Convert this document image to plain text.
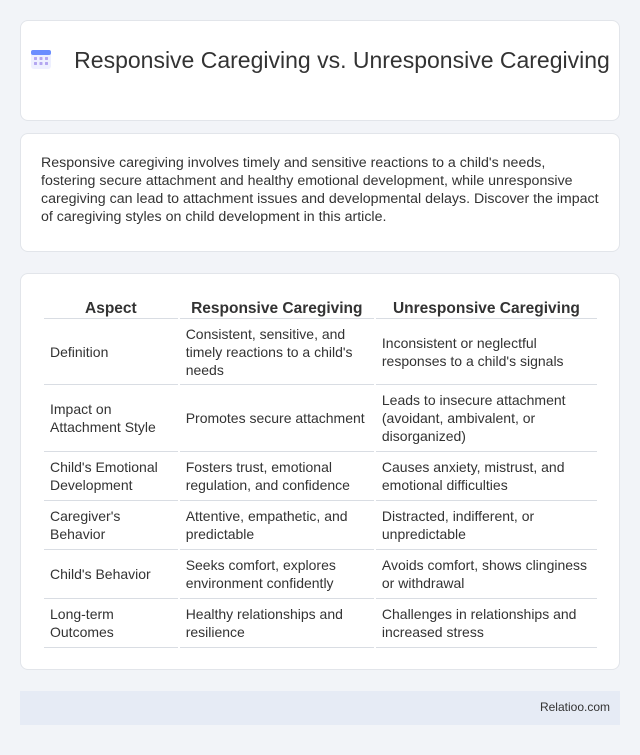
Responsive Caregiving vs. Unresponsive Caregiving

Responsive caregiving involves timely and sensitive reactions to a child's needs, fostering secure attachment and healthy emotional development, while unresponsive caregiving can lead to attachment issues and developmental delays. Discover the impact of caregiving styles on child development in this article.

Aspect	Responsive Caregiving	Unresponsive Caregiving
Definition	Consistent, sensitive, and timely reactions to a child's needs	Inconsistent or neglectful responses to a child's signals
Impact on Attachment Style	Promotes secure attachment	Leads to insecure attachment (avoidant, ambivalent, or disorganized)
Child's Emotional Development	Fosters trust, emotional regulation, and confidence	Causes anxiety, mistrust, and emotional difficulties
Caregiver's Behavior	Attentive, empathetic, and predictable	Distracted, indifferent, or unpredictable
Child's Behavior	Seeks comfort, explores environment confidently	Avoids comfort, shows clinginess or withdrawal
Long-term Outcomes	Healthy relationships and resilience	Challenges in relationships and increased stress
Relatioo.com
